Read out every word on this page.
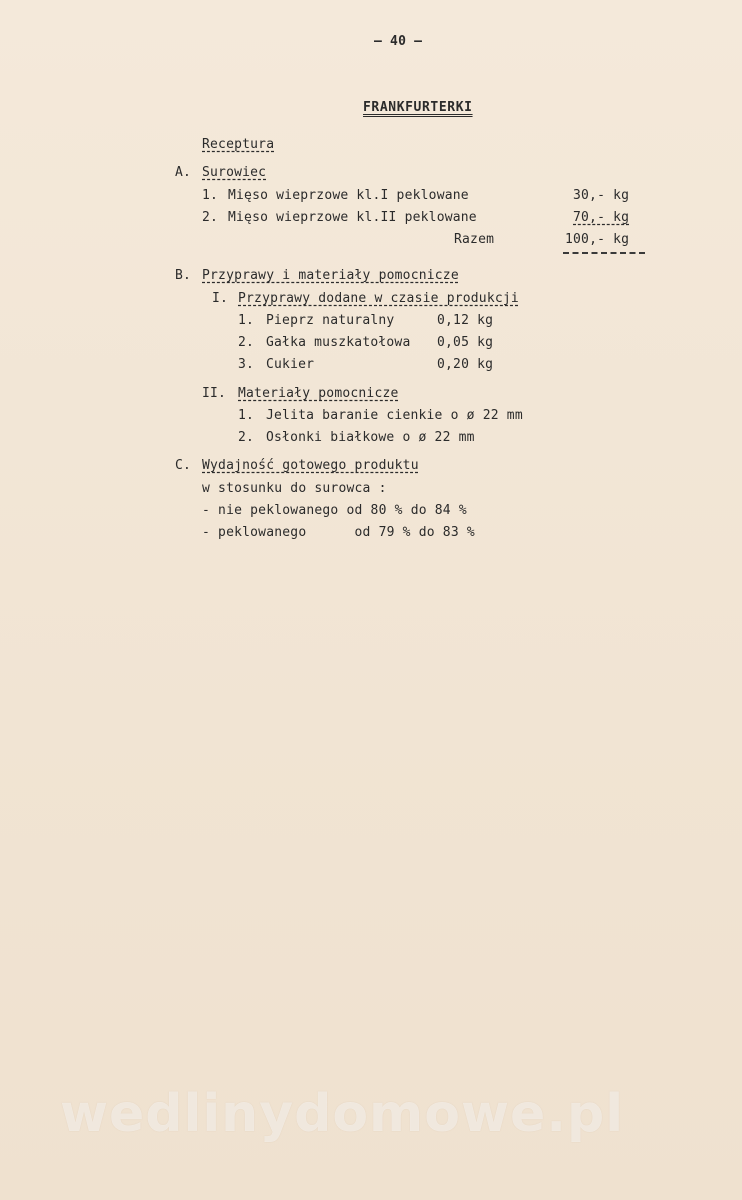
– 40 –
FRANKFURTERKI
Receptura
A. Surowiec
1. Mięso wieprzowe kl.I peklowane	30,- kg
2. Mięso wieprzowe kl.II peklowane	70,- kg
Razem	100,- kg
B. Przyprawy i materiały pomocnicze
I. Przyprawy dodane w czasie produkcji
1. Pieprz naturalny	0,12 kg
2. Gałka muszkatołowa 0,05 kg
3. Cukier	0,20 kg
II. Materiały pomocnicze
1. Jelita baranie cienkie o ø 22 mm
2. Osłonki białkowe o ø 22 mm
C. Wydajność gotowego produktu
w stosunku do surowca :
- nie peklowanego od 80 % do 84 %
- peklowanego      od 79 % do 83 %
wedlinydomowe.pl
